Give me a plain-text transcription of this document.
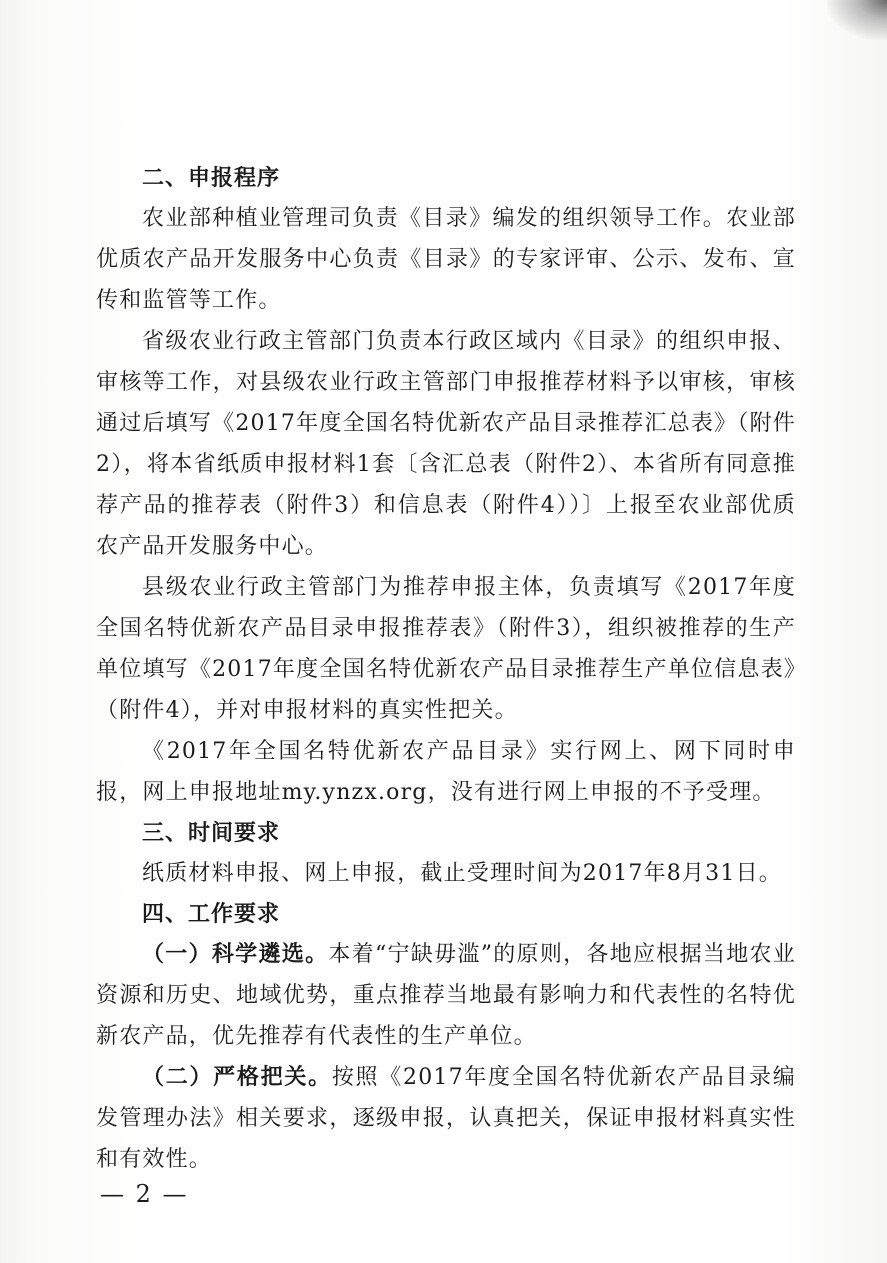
二、申报程序

农业部种植业管理司负责《目录》编发的组织领导工作。农业部优质农产品开发服务中心负责《目录》的专家评审、公示、发布、宣传和监管等工作。

省级农业行政主管部门负责本行政区域内《目录》的组织申报、审核等工作，对县级农业行政主管部门申报推荐材料予以审核，审核通过后填写《2017年度全国名特优新农产品目录推荐汇总表》（附件2），将本省纸质申报材料1套〔含汇总表（附件2）、本省所有同意推荐产品的推荐表（附件3）和信息表（附件4））〕上报至农业部优质农产品开发服务中心。

县级农业行政主管部门为推荐申报主体，负责填写《2017年度全国名特优新农产品目录申报推荐表》（附件3），组织被推荐的生产单位填写《2017年度全国名特优新农产品目录推荐生产单位信息表》（附件4），并对申报材料的真实性把关。

《2017年全国名特优新农产品目录》实行网上、网下同时申报，网上申报地址my.ynzx.org，没有进行网上申报的不予受理。

三、时间要求

纸质材料申报、网上申报，截止受理时间为2017年8月31日。

四、工作要求

（一）科学遴选。本着“宁缺毋滥”的原则，各地应根据当地农业资源和历史、地域优势，重点推荐当地最有影响力和代表性的名特优新农产品，优先推荐有代表性的生产单位。

（二）严格把关。按照《2017年度全国名特优新农产品目录编发管理办法》相关要求，逐级申报，认真把关，保证申报材料真实性和有效性。

— 2 —
